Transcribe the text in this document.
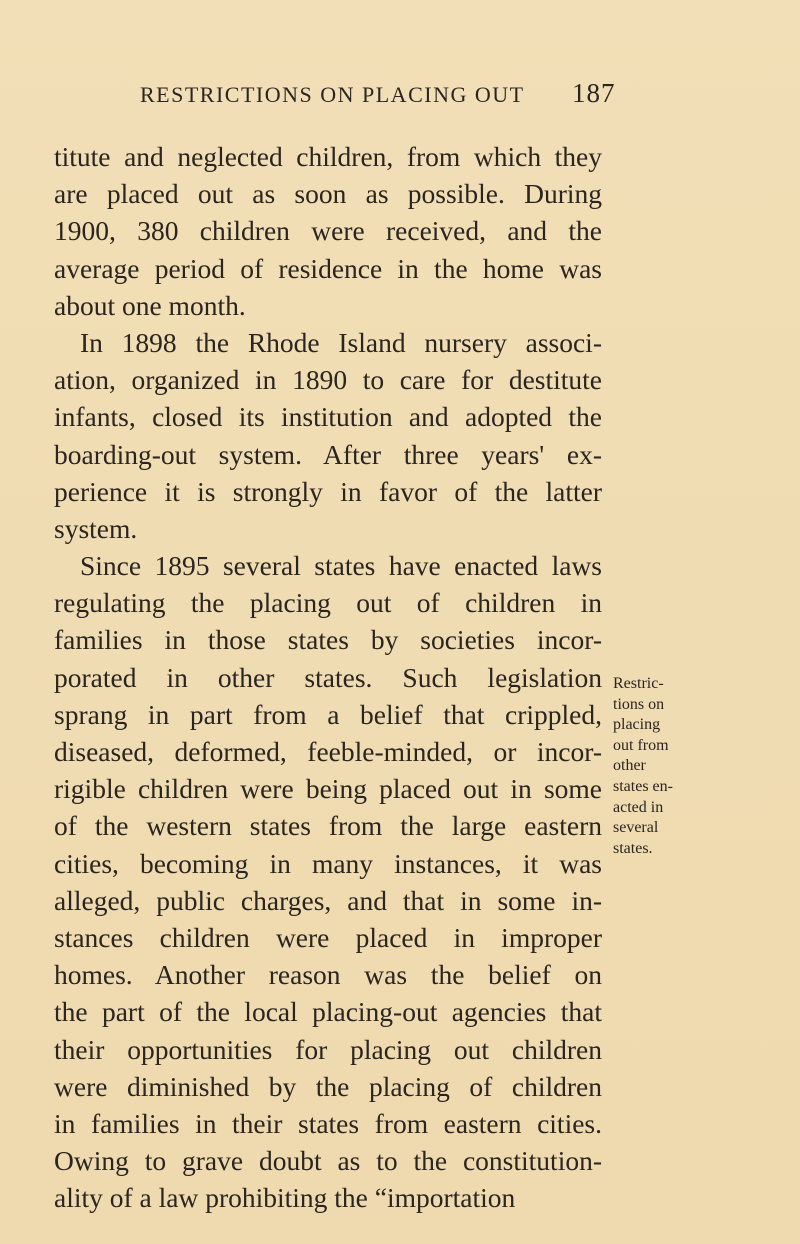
RESTRICTIONS ON PLACING OUT 187
titute and neglected children, from which they
are placed out as soon as possible. During
1900, 380 children were received, and the
average period of residence in the home was
about one month.
In 1898 the Rhode Island nursery associ-
ation, organized in 1890 to care for destitute
infants, closed its institution and adopted the
boarding-out system. After three years' ex-
perience it is strongly in favor of the latter
system.
Since 1895 several states have enacted laws
regulating the placing out of children in
families in those states by societies incor-
porated in other states. Such legislation
sprang in part from a belief that crippled,
diseased, deformed, feeble-minded, or incor-
rigible children were being placed out in some
of the western states from the large eastern
cities, becoming in many instances, it was
alleged, public charges, and that in some in-
stances children were placed in improper
homes. Another reason was the belief on
the part of the local placing-out agencies that
their opportunities for placing out children
were diminished by the placing of children
in families in their states from eastern cities.
Owing to grave doubt as to the constitution-
ality of a law prohibiting the “importation
Restric-
tions on
placing
out from
other
states en-
acted in
several
states.
